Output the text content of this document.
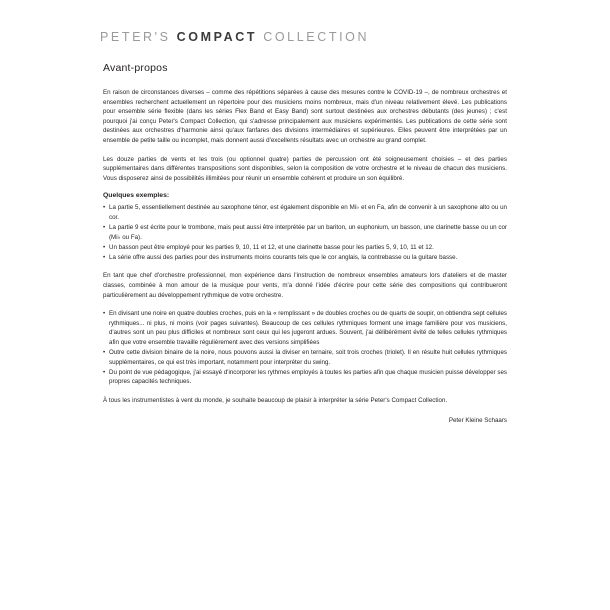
PETER'S COMPACT COLLECTION
Avant-propos

En raison de circonstances diverses – comme des répétitions séparées à cause des mesures contre le COVID-19 –, de nombreux orchestres et ensembles recherchent actuellement un répertoire pour des musiciens moins nombreux, mais d'un niveau relativement élevé. Les publications pour ensemble série flexible (dans les séries Flex Band et Easy Band) sont surtout destinées aux orchestres débutants (des jeunes) ; c'est pourquoi j'ai conçu Peter's Compact Collection, qui s'adresse principalement aux musiciens expérimentés. Les publications de cette série sont destinées aux orchestres d'harmonie ainsi qu'aux fanfares des divisions intermédiaires et supérieures. Elles peuvent être interprétées par un ensemble de petite taille ou incomplet, mais donnent aussi d'excellents résultats avec un orchestre au grand complet.

Les douze parties de vents et les trois (ou optionnel quatre) parties de percussion ont été soigneusement choisies – et des parties supplémentaires dans différentes transpositions sont disponibles, selon la composition de votre orchestre et le niveau de chacun des musiciens. Vous disposerez ainsi de possibilités illimitées pour réunir un ensemble cohérent et produire un son équilibré.

Quelques exemples:
• La partie 5, essentiellement destinée au saxophone ténor, est également disponible en Mi♭ et en Fa, afin de convenir à un saxophone alto ou un cor.
• La partie 9 est écrite pour le trombone, mais peut aussi être interprétée par un bariton, un euphonium, un basson, une clarinette basse ou un cor (Mi♭ ou Fa).
• Un basson peut être employé pour les parties 9, 10, 11 et 12, et une clarinette basse pour les parties 5, 9, 10, 11 et 12.
• La série offre aussi des parties pour des instruments moins courants tels que le cor anglais, la contrebasse ou la guitare basse.

En tant que chef d'orchestre professionnel, mon expérience dans l'instruction de nombreux ensembles amateurs lors d'ateliers et de master classes, combinée à mon amour de la musique pour vents, m'a donné l'idée d'écrire pour cette série des compositions qui contribueront particulièrement au développement rythmique de votre orchestre.

• En divisant une noire en quatre doubles croches, puis en la « remplissant » de doubles croches ou de quarts de soupir, on obtiendra sept cellules rythmiques... ni plus, ni moins (voir pages suivantes). Beaucoup de ces cellules rythmiques forment une image familière pour vos musiciens, d'autres sont un peu plus difficiles et nombreux sont ceux qui les jugeront ardues. Souvent, j'ai délibérément évité de telles cellules rythmiques afin que votre ensemble travaille régulièrement avec des versions simplifiées
• Outre cette division binaire de la noire, nous pouvons aussi la diviser en ternaire, soit trois croches (triolet). Il en résulte huit cellules rythmiques supplémentaires, ce qui est très important, notamment pour interpréter du swing.
• Du point de vue pédagogique, j'ai essayé d'incorporer les rythmes employés à toutes les parties afin que chaque musicien puisse développer ses propres capacités techniques.

À tous les instrumentistes à vent du monde, je souhaite beaucoup de plaisir à interpréter la série Peter's Compact Collection.

Peter Kleine Schaars
